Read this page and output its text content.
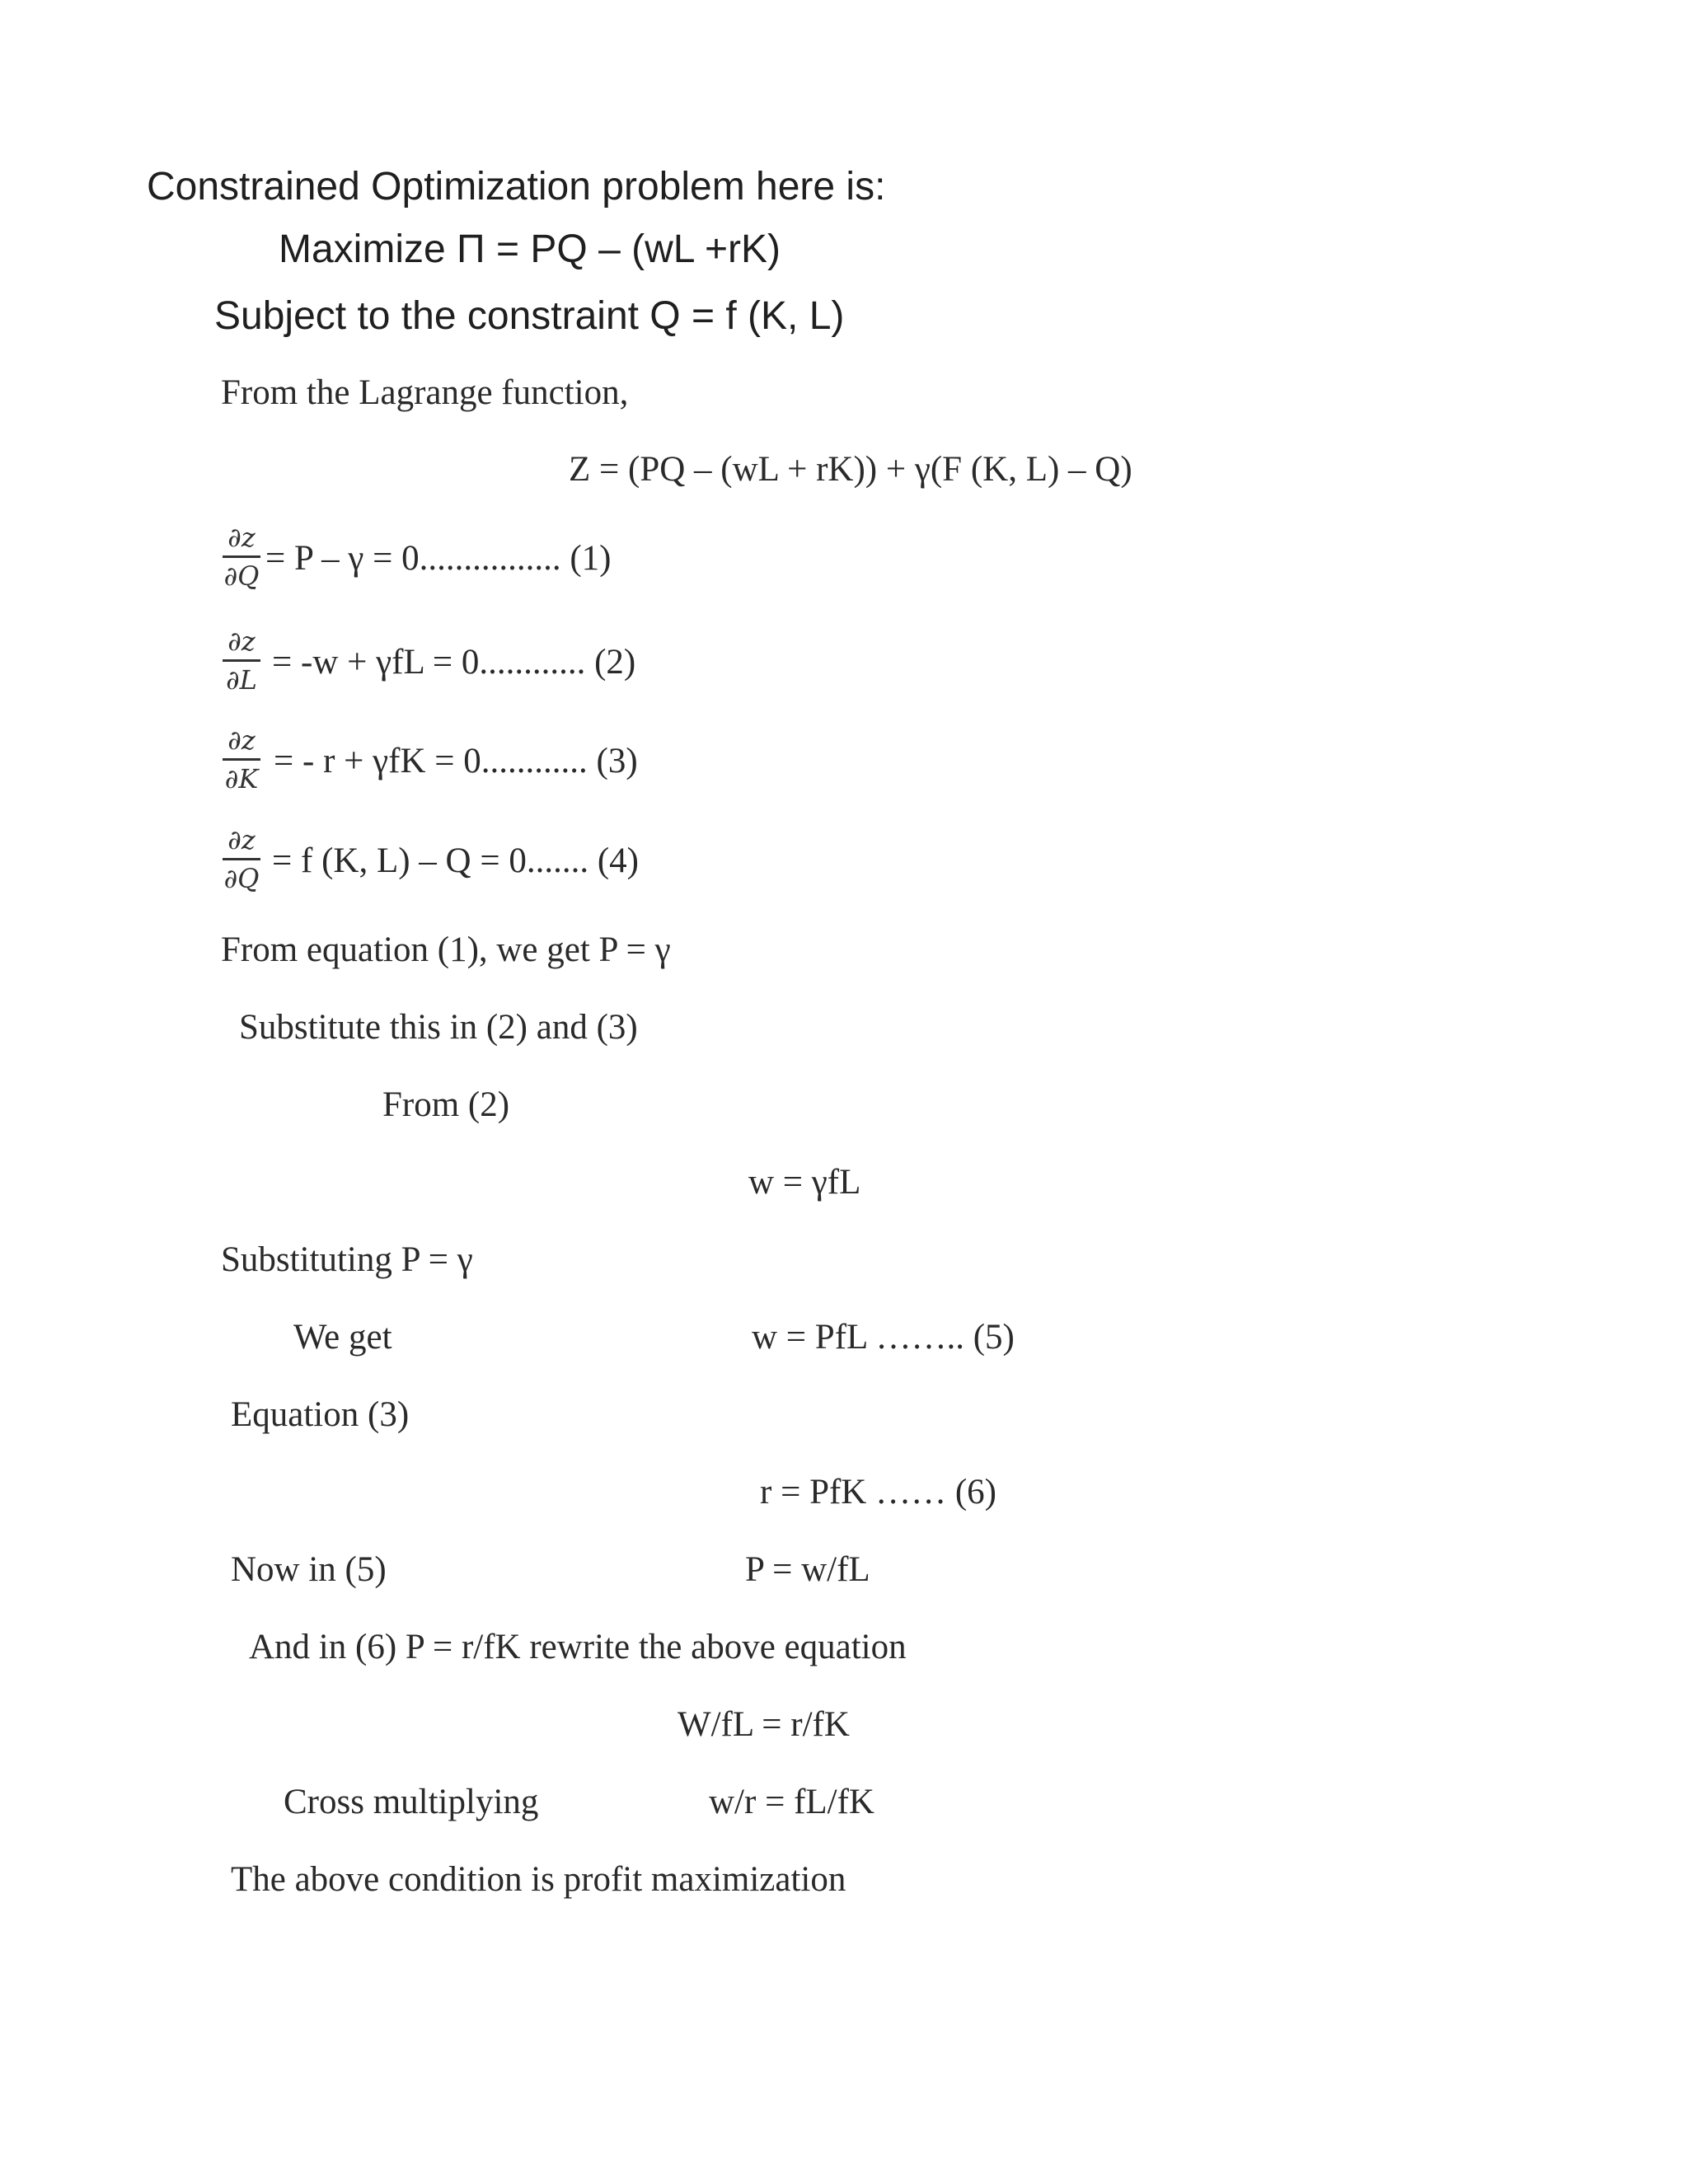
Constrained Optimization problem here is:
Maximize Π = PQ – (wL +rK)
Subject to the constraint Q = f (K, L)
From the Lagrange function,
Z = (PQ – (wL + rK)) + γ(F (K, L) – Q)
∂z
∂Q = P – γ = 0................ (1)
∂z
∂L = -w + γfL = 0............ (2)
∂z
∂K = - r + γfK = 0............ (3)
∂z
∂Q = f (K, L) – Q = 0....... (4)
From equation (1), we get P = γ
Substitute this in (2) and (3)
From (2)
w = γfL
Substituting P = γ
We get	w = PfL …….. (5)
Equation (3)
r = PfK …… (6)
Now in (5)	P = w/fL
And in (6) P = r/fK rewrite the above equation
W/fL = r/fK
Cross multiplying	w/r = fL/fK
The above condition is profit maximization
